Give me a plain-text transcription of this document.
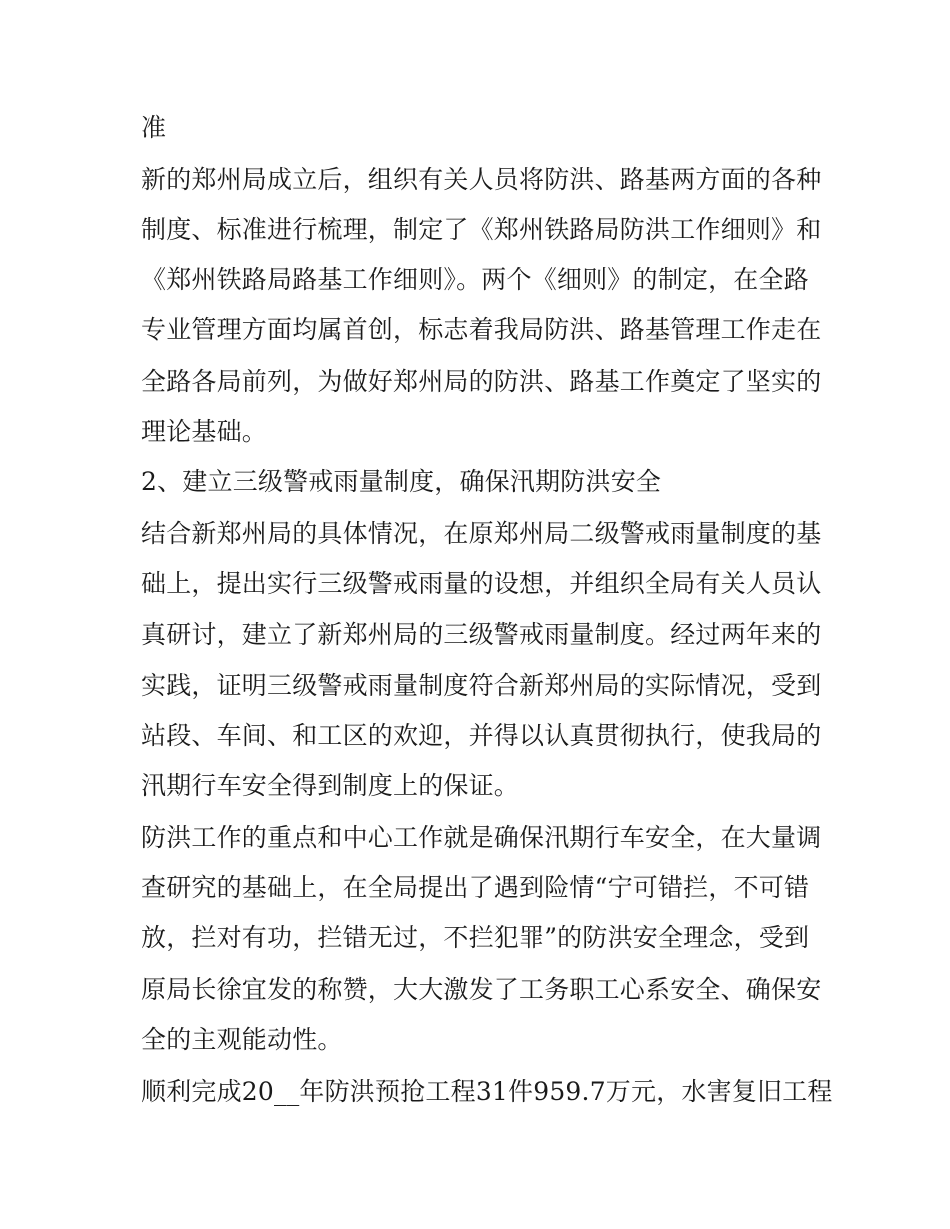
准
新的郑州局成立后，组织有关人员将防洪、路基两方面的各种
制度、标准进行梳理，制定了《郑州铁路局防洪工作细则》和
《郑州铁路局路基工作细则》。两个《细则》的制定，在全路
专业管理方面均属首创，标志着我局防洪、路基管理工作走在
全路各局前列，为做好郑州局的防洪、路基工作奠定了坚实的
理论基础。
2、建立三级警戒雨量制度，确保汛期防洪安全
结合新郑州局的具体情况，在原郑州局二级警戒雨量制度的基
础上，提出实行三级警戒雨量的设想，并组织全局有关人员认
真研讨，建立了新郑州局的三级警戒雨量制度。经过两年来的
实践，证明三级警戒雨量制度符合新郑州局的实际情况，受到
站段、车间、和工区的欢迎，并得以认真贯彻执行，使我局的
汛期行车安全得到制度上的保证。
防洪工作的重点和中心工作就是确保汛期行车安全，在大量调
查研究的基础上，在全局提出了遇到险情“宁可错拦，不可错
放，拦对有功，拦错无过，不拦犯罪”的防洪安全理念，受到
原局长徐宜发的称赞，大大激发了工务职工心系安全、确保安
全的主观能动性。
顺利完成20__年防洪预抢工程31件959.7万元，水害复旧工程
